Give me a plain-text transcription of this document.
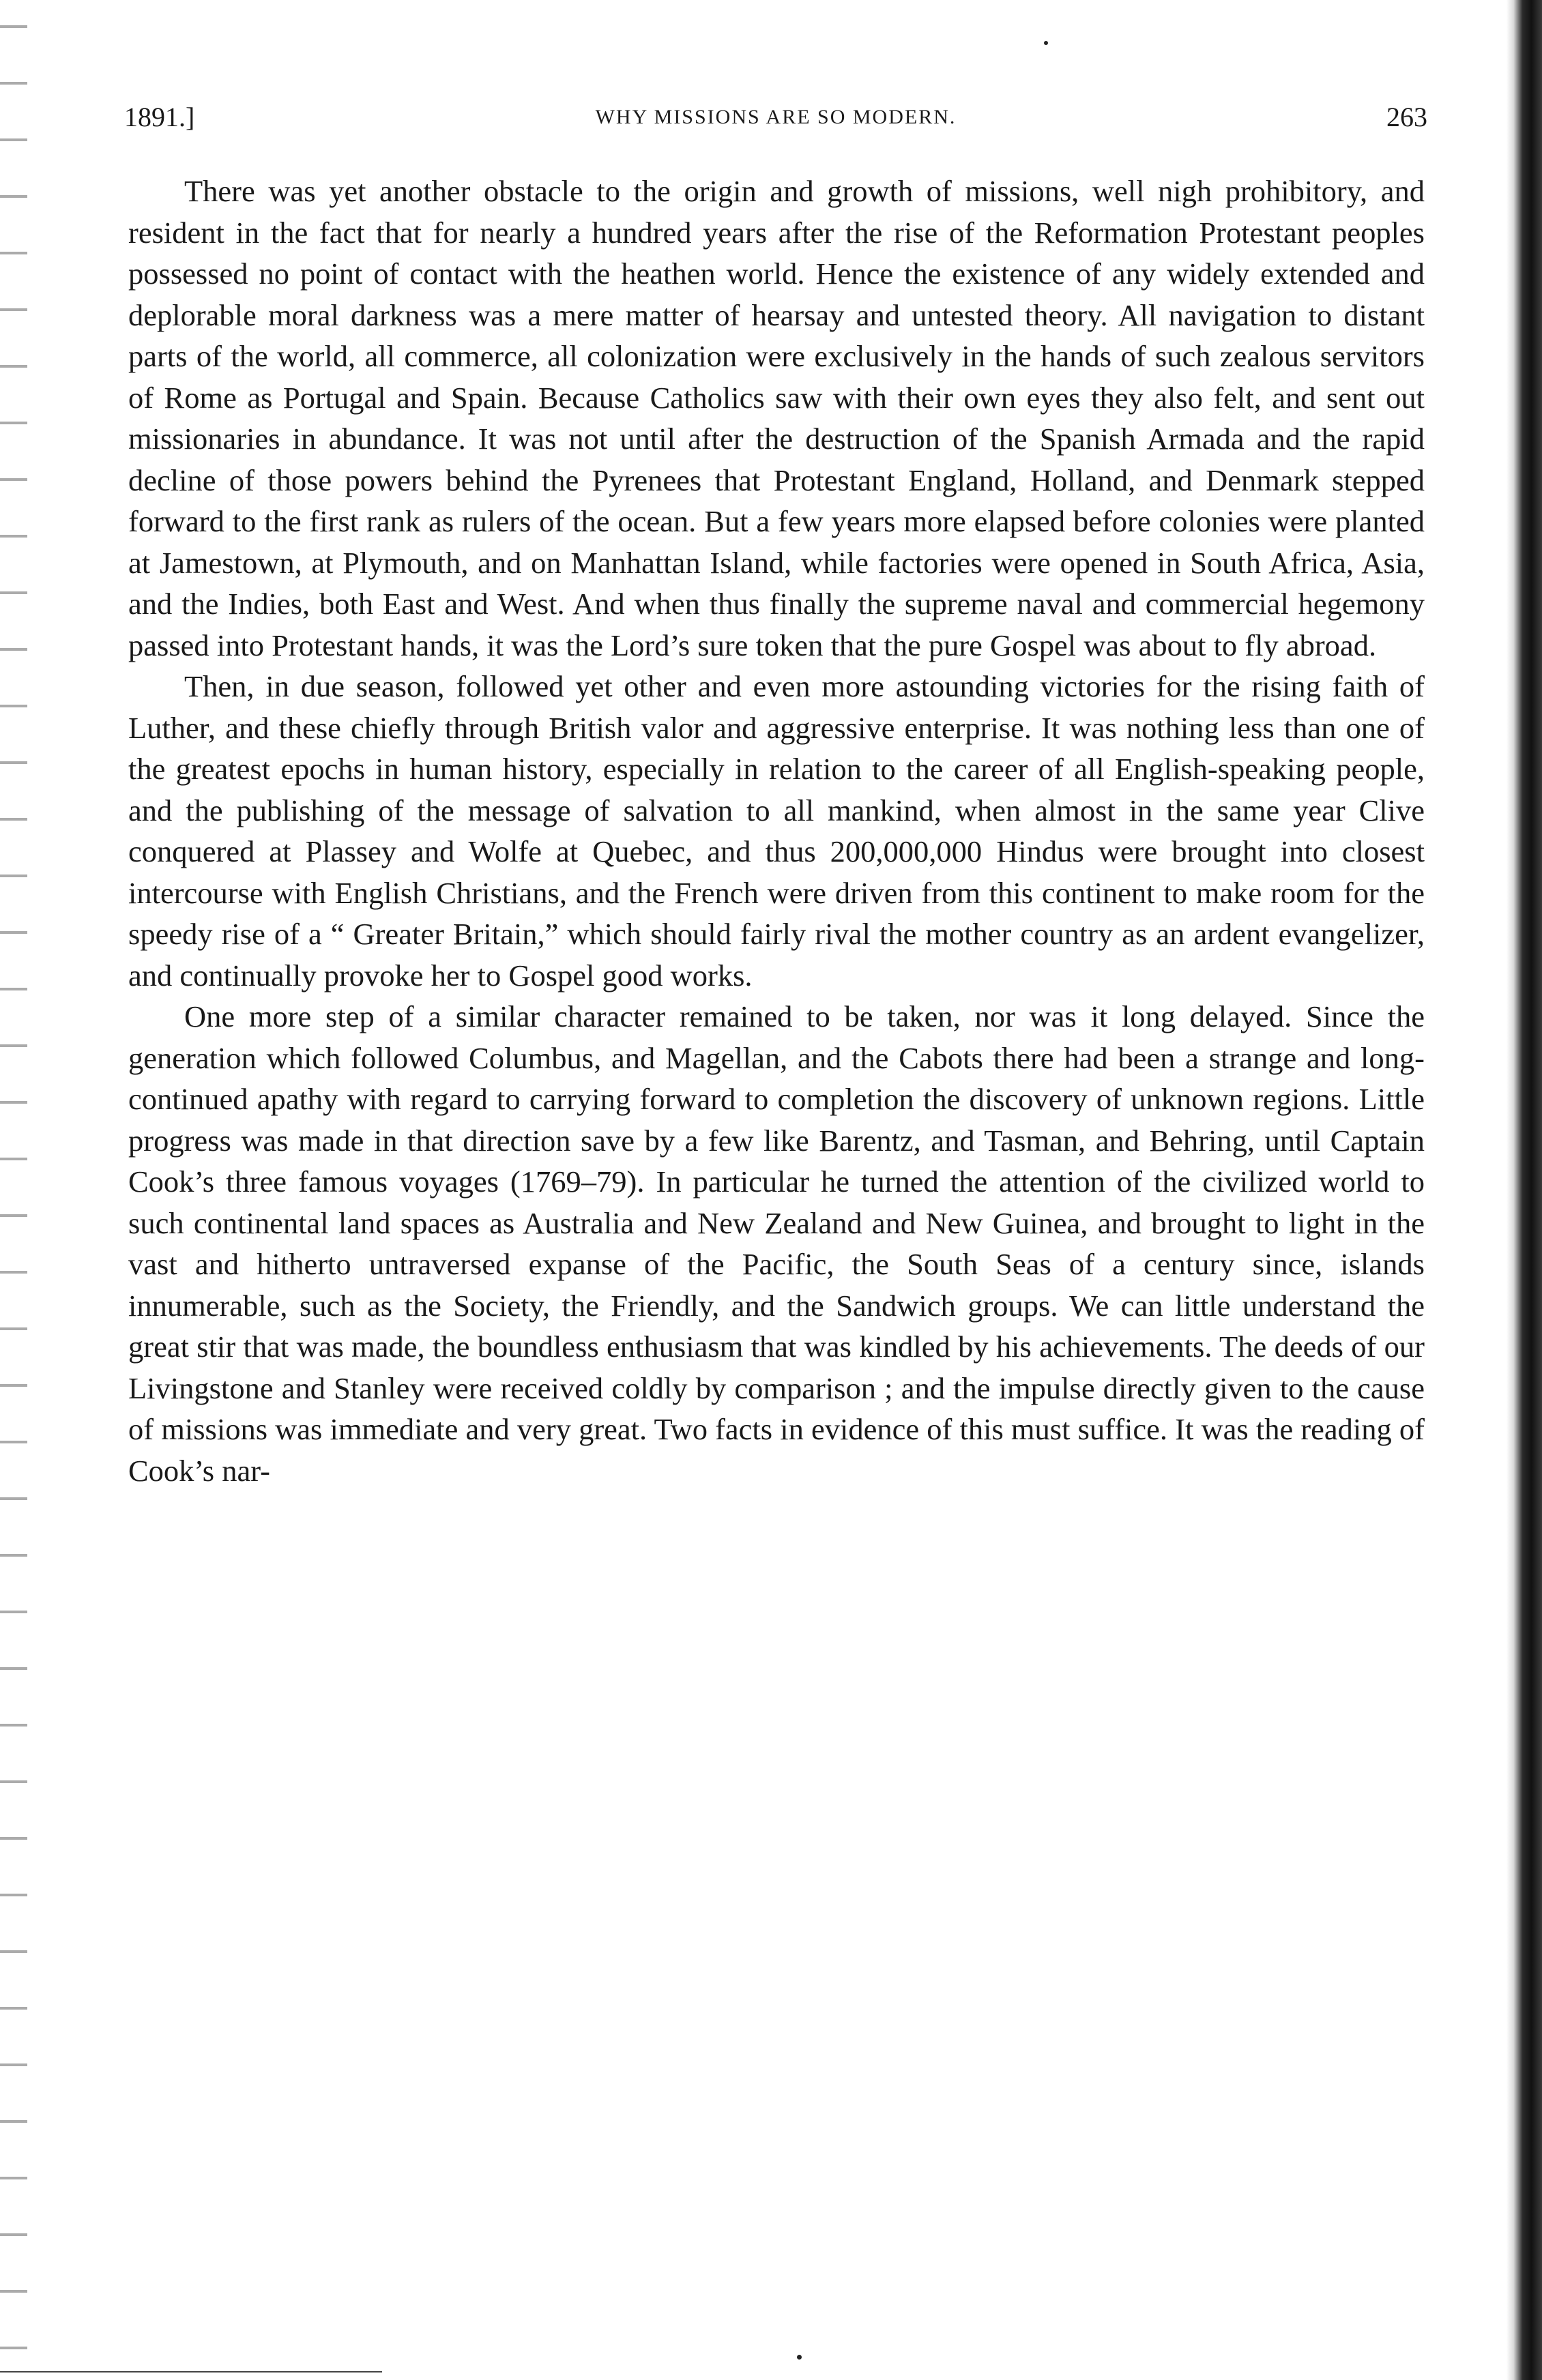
1891.]	WHY MISSIONS ARE SO MODERN.	263

There was yet another obstacle to the origin and growth of missions, well nigh prohibitory, and resident in the fact that for nearly a hundred years after the rise of the Reformation Protestant peoples possessed no point of contact with the heathen world. Hence the existence of any widely extended and deplorable moral darkness was a mere matter of hearsay and untested theory. All navigation to distant parts of the world, all commerce, all colonization were exclusively in the hands of such zealous servitors of Rome as Portugal and Spain. Because Catholics saw with their own eyes they also felt, and sent out missionaries in abundance. It was not until after the destruction of the Spanish Armada and the rapid decline of those powers behind the Pyrenees that Protestant England, Holland, and Denmark stepped forward to the first rank as rulers of the ocean. But a few years more elapsed before colonies were planted at Jamestown, at Plymouth, and on Manhattan Island, while factories were opened in South Africa, Asia, and the Indies, both East and West. And when thus finally the supreme naval and commercial hegemony passed into Protestant hands, it was the Lord’s sure token that the pure Gospel was about to fly abroad.

Then, in due season, followed yet other and even more astounding victories for the rising faith of Luther, and these chiefly through British valor and aggressive enterprise. It was nothing less than one of the greatest epochs in human history, especially in relation to the career of all English-speaking people, and the publishing of the message of salvation to all mankind, when almost in the same year Clive conquered at Plassey and Wolfe at Quebec, and thus 200,000,000 Hindus were brought into closest intercourse with English Christians, and the French were driven from this continent to make room for the speedy rise of a “ Greater Britain,” which should fairly rival the mother country as an ardent evangelizer, and continually provoke her to Gospel good works.

One more step of a similar character remained to be taken, nor was it long delayed. Since the generation which followed Columbus, and Magellan, and the Cabots there had been a strange and long-continued apathy with regard to carrying forward to completion the discovery of unknown regions. Little progress was made in that direction save by a few like Barentz, and Tasman, and Behring, until Captain Cook’s three famous voyages (1769–79). In particular he turned the attention of the civilized world to such continental land spaces as Australia and New Zealand and New Guinea, and brought to light in the vast and hitherto untraversed expanse of the Pacific, the South Seas of a century since, islands innumerable, such as the Society, the Friendly, and the Sandwich groups. We can little understand the great stir that was made, the boundless enthusiasm that was kindled by his achievements. The deeds of our Livingstone and Stanley were received coldly by comparison ; and the impulse directly given to the cause of missions was immediate and very great. Two facts in evidence of this must suffice. It was the reading of Cook’s nar-
